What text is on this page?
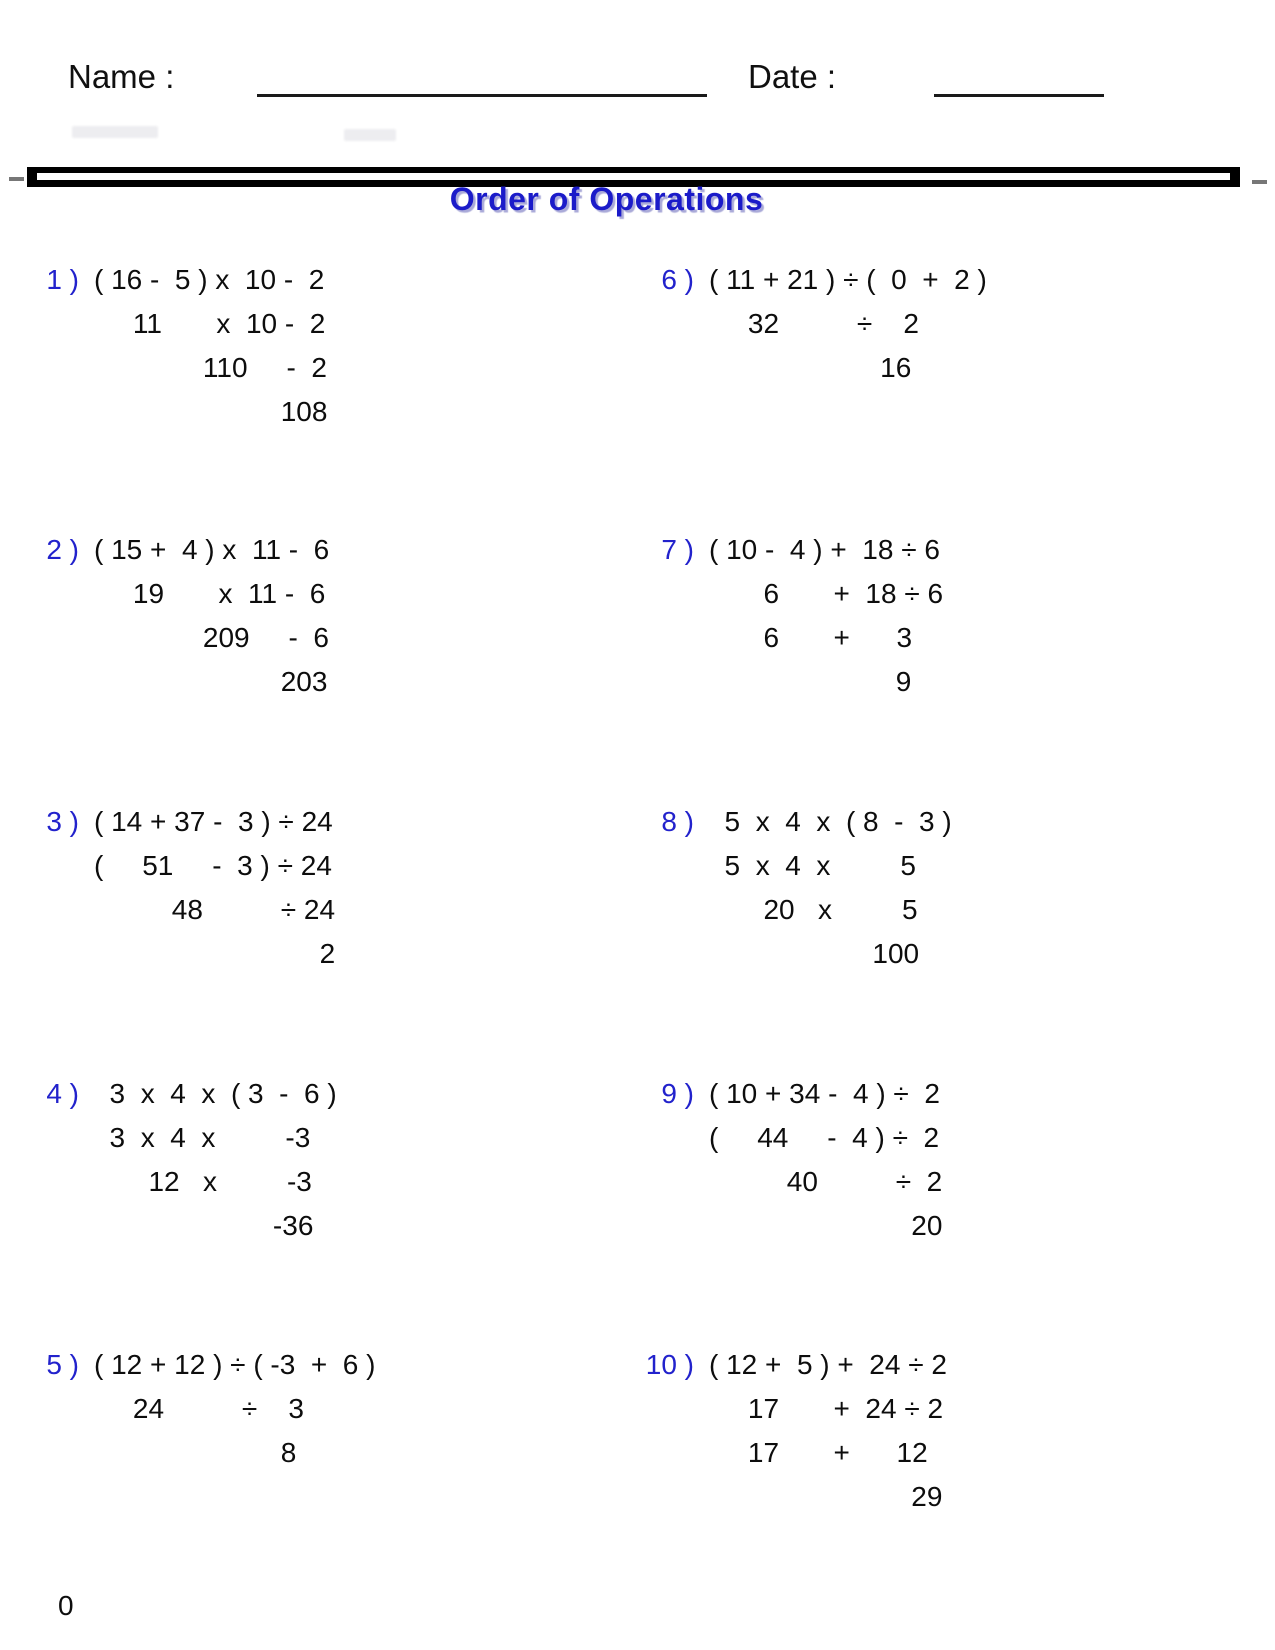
Name :	Date :
Order of Operations
1 ) ( 16 -  5 ) x  10 -  2
11       x  10 -  2
110     -  2
108
2 ) ( 15 +  4 ) x  11 -  6
19       x  11 -  6
209     -  6
203
3 ) ( 14 + 37 -  3 ) ÷ 24
(     51     -  3 ) ÷ 24
48          ÷ 24
2
4 ) 3  x  4  x  ( 3  -  6 )
3  x  4  x         -3
12   x         -3
-36
5 ) ( 12 + 12 ) ÷ ( -3  +  6 )
24          ÷    3
8
6 ) ( 11 + 21 ) ÷ (  0  +  2 )
32          ÷    2
16
7 ) ( 10 -  4 ) +  18 ÷ 6
6       +  18 ÷ 6
6       +      3
9
8 ) 5  x  4  x  ( 8  -  3 )
5  x  4  x         5
20   x         5
100
9 ) ( 10 + 34 -  4 ) ÷  2
(     44     -  4 ) ÷  2
40          ÷  2
20
10 ) ( 12 +  5 ) +  24 ÷ 2
17       +  24 ÷ 2
17       +      12
29
0
